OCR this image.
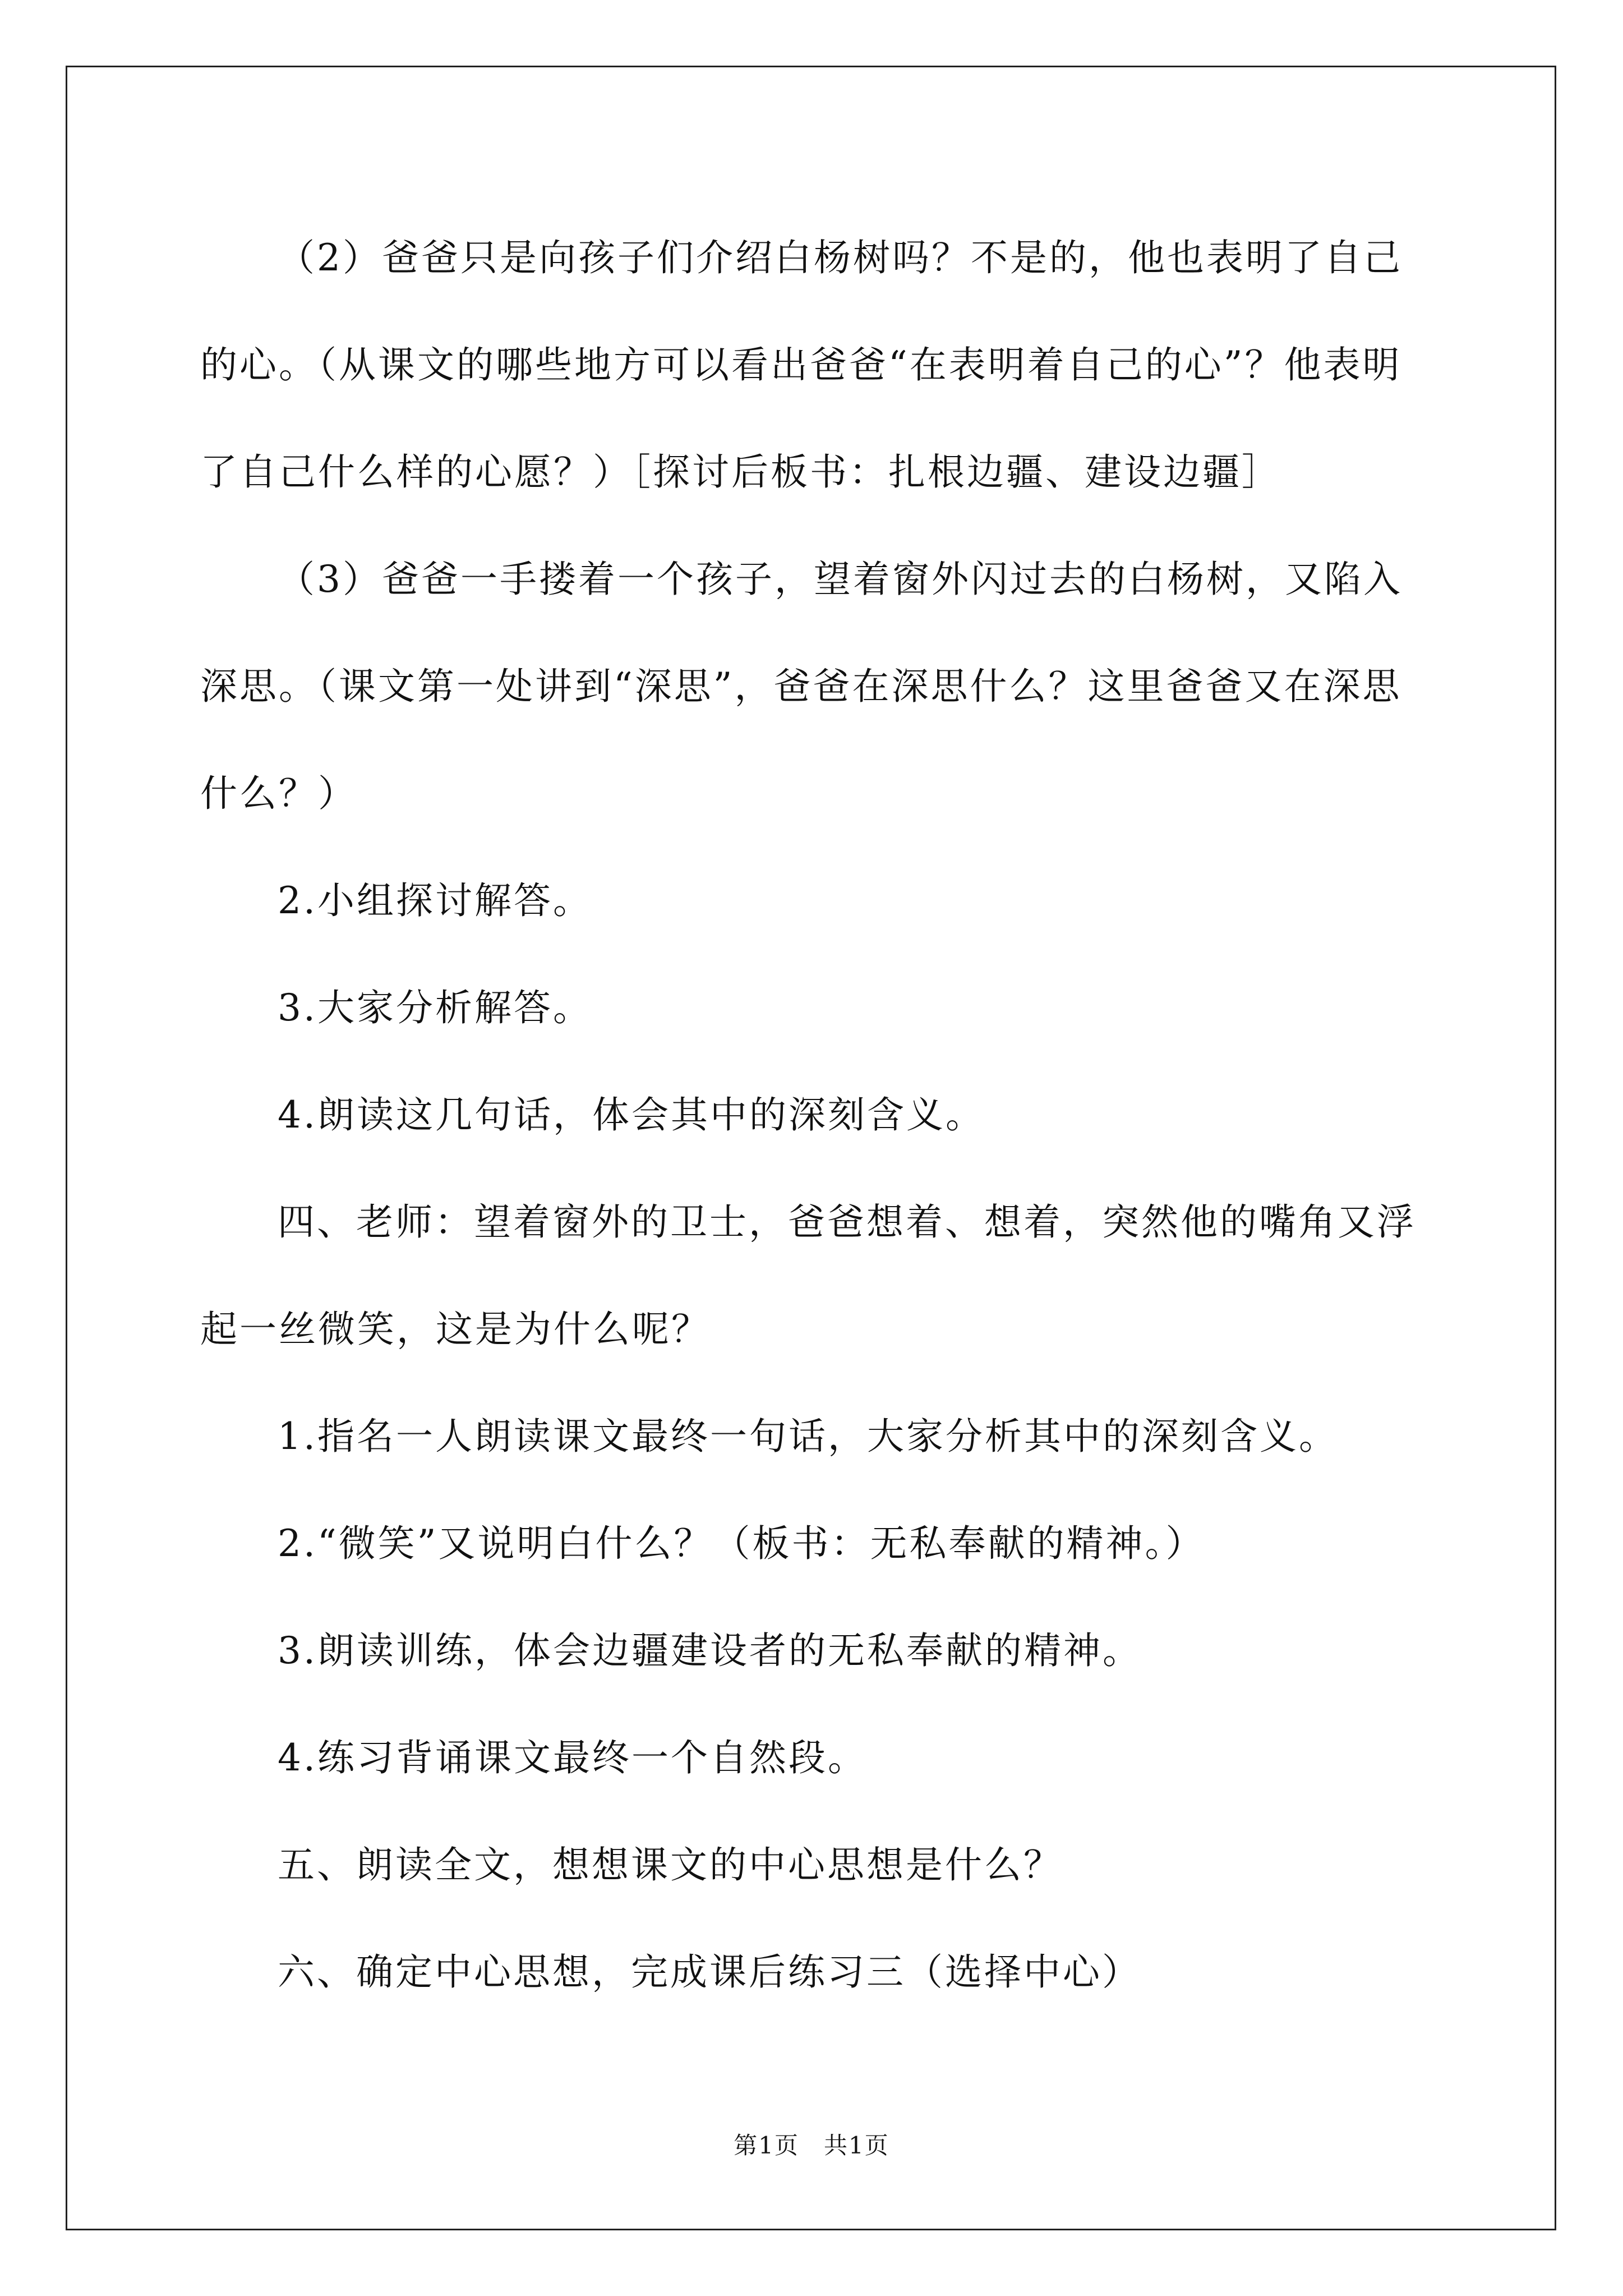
（2）爸爸只是向孩子们介绍白杨树吗？不是的，他也表明了自己的心。（从课文的哪些地方可以看出爸爸“在表明着自己的心”？他表明了自己什么样的心愿？）［探讨后板书：扎根边疆、建设边疆］

（3）爸爸一手搂着一个孩子，望着窗外闪过去的白杨树，又陷入深思。（课文第一处讲到“深思”，爸爸在深思什么？这里爸爸又在深思什么？）

2.小组探讨解答。

3.大家分析解答。

4.朗读这几句话，体会其中的深刻含义。

四、老师：望着窗外的卫士，爸爸想着、想着，突然他的嘴角又浮起一丝微笑，这是为什么呢？

1.指名一人朗读课文最终一句话，大家分析其中的深刻含义。

2.“微笑”又说明白什么？（板书：无私奉献的精神。）

3.朗读训练，体会边疆建设者的无私奉献的精神。

4.练习背诵课文最终一个自然段。

五、朗读全文，想想课文的中心思想是什么？

六、确定中心思想，完成课后练习三（选择中心）

第1页　共1页
